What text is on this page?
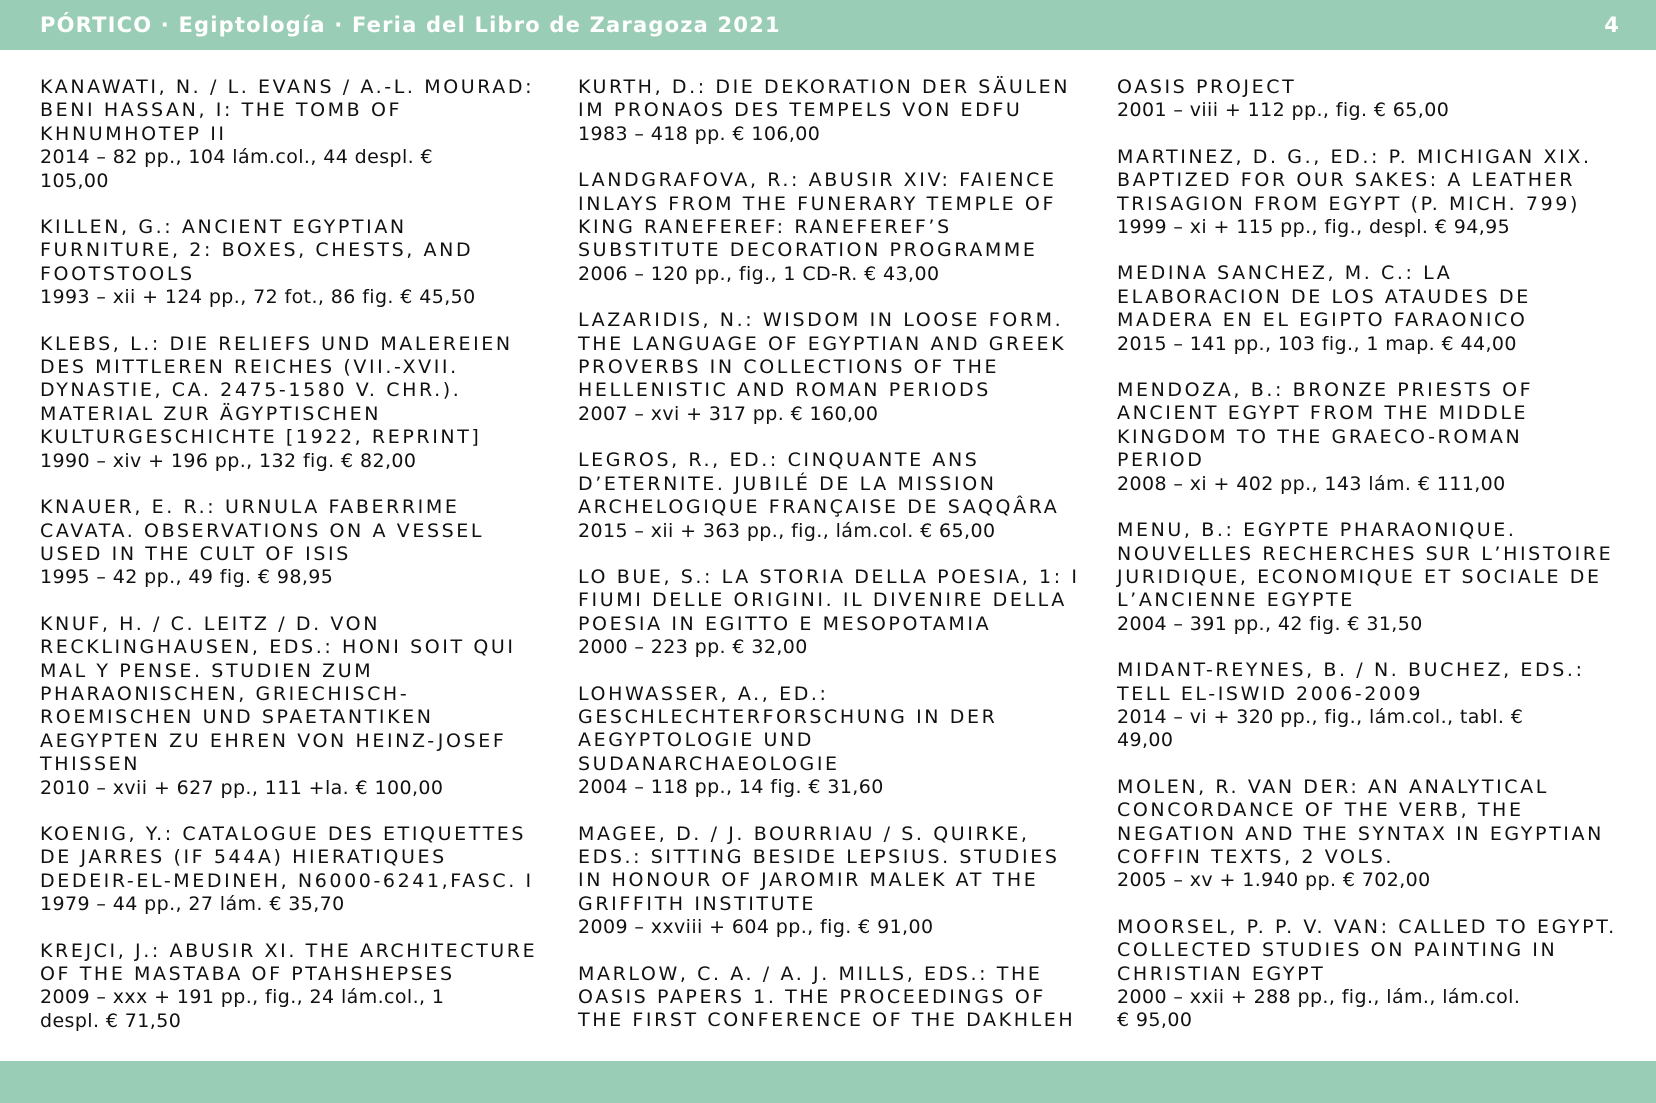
PÓRTICO · Egiptología · Feria del Libro de Zaragoza 2021	4
KANAWATI, N. / L. EVANS / A.-L. MOURAD:
BENI HASSAN, I: THE TOMB OF
KHNUMHOTEP II
2014 – 82 pp., 104 lám.col., 44 despl. €
105,00
KILLEN, G.: ANCIENT EGYPTIAN
FURNITURE, 2: BOXES, CHESTS, AND
FOOTSTOOLS
1993 – xii + 124 pp., 72 fot., 86 fig. € 45,50
KLEBS, L.: DIE RELIEFS UND MALEREIEN
DES MITTLEREN REICHES (VII.-XVII.
DYNASTIE, CA. 2475-1580 V. CHR.).
MATERIAL ZUR ÄGYPTISCHEN
KULTURGESCHICHTE [1922, REPRINT]
1990 – xiv + 196 pp., 132 fig. € 82,00
KNAUER, E. R.: URNULA FABERRIME
CAVATA. OBSERVATIONS ON A VESSEL
USED IN THE CULT OF ISIS
1995 – 42 pp., 49 fig. € 98,95
KNUF, H. / C. LEITZ / D. VON
RECKLINGHAUSEN, EDS.: HONI SOIT QUI
MAL Y PENSE. STUDIEN ZUM
PHARAONISCHEN, GRIECHISCH-
ROEMISCHEN UND SPAETANTIKEN
AEGYPTEN ZU EHREN VON HEINZ-JOSEF
THISSEN
2010 – xvii + 627 pp., 111 +la. € 100,00
KOENIG, Y.: CATALOGUE DES ETIQUETTES
DE JARRES (IF 544A) HIERATIQUES
DEDEIR-EL-MEDINEH, N6000-6241,FASC. I
1979 – 44 pp., 27 lám. € 35,70
KREJCI, J.: ABUSIR XI. THE ARCHITECTURE
OF THE MASTABA OF PTAHSHEPSES
2009 – xxx + 191 pp., fig., 24 lám.col., 1
despl. € 71,50
KURTH, D.: DIE DEKORATION DER SÄULEN
IM PRONAOS DES TEMPELS VON EDFU
1983 – 418 pp. € 106,00
LANDGRAFOVA, R.: ABUSIR XIV: FAIENCE
INLAYS FROM THE FUNERARY TEMPLE OF
KING RANEFEREF: RANEFEREF’S
SUBSTITUTE DECORATION PROGRAMME
2006 – 120 pp., fig., 1 CD-R. € 43,00
LAZARIDIS, N.: WISDOM IN LOOSE FORM.
THE LANGUAGE OF EGYPTIAN AND GREEK
PROVERBS IN COLLECTIONS OF THE
HELLENISTIC AND ROMAN PERIODS
2007 – xvi + 317 pp. € 160,00
LEGROS, R., ED.: CINQUANTE ANS
D’ETERNITE. JUBILÉ DE LA MISSION
ARCHELOGIQUE FRANÇAISE DE SAQQÂRA
2015 – xii + 363 pp., fig., lám.col. € 65,00
LO BUE, S.: LA STORIA DELLA POESIA, 1: I
FIUMI DELLE ORIGINI. IL DIVENIRE DELLA
POESIA IN EGITTO E MESOPOTAMIA
2000 – 223 pp. € 32,00
LOHWASSER, A., ED.:
GESCHLECHTERFORSCHUNG IN DER
AEGYPTOLOGIE UND
SUDANARCHAEOLOGIE
2004 – 118 pp., 14 fig. € 31,60
MAGEE, D. / J. BOURRIAU / S. QUIRKE,
EDS.: SITTING BESIDE LEPSIUS. STUDIES
IN HONOUR OF JAROMIR MALEK AT THE
GRIFFITH INSTITUTE
2009 – xxviii + 604 pp., fig. € 91,00
MARLOW, C. A. / A. J. MILLS, EDS.: THE
OASIS PAPERS 1. THE PROCEEDINGS OF
THE FIRST CONFERENCE OF THE DAKHLEH
OASIS PROJECT
2001 – viii + 112 pp., fig. € 65,00
MARTINEZ, D. G., ED.: P. MICHIGAN XIX.
BAPTIZED FOR OUR SAKES: A LEATHER
TRISAGION FROM EGYPT (P. MICH. 799)
1999 – xi + 115 pp., fig., despl. € 94,95
MEDINA SANCHEZ, M. C.: LA
ELABORACION DE LOS ATAUDES DE
MADERA EN EL EGIPTO FARAONICO
2015 – 141 pp., 103 fig., 1 map. € 44,00
MENDOZA, B.: BRONZE PRIESTS OF
ANCIENT EGYPT FROM THE MIDDLE
KINGDOM TO THE GRAECO-ROMAN
PERIOD
2008 – xi + 402 pp., 143 lám. € 111,00
MENU, B.: EGYPTE PHARAONIQUE.
NOUVELLES RECHERCHES SUR L’HISTOIRE
JURIDIQUE, ECONOMIQUE ET SOCIALE DE
L’ANCIENNE EGYPTE
2004 – 391 pp., 42 fig. € 31,50
MIDANT-REYNES, B. / N. BUCHEZ, EDS.:
TELL EL-ISWID 2006-2009
2014 – vi + 320 pp., fig., lám.col., tabl. €
49,00
MOLEN, R. VAN DER: AN ANALYTICAL
CONCORDANCE OF THE VERB, THE
NEGATION AND THE SYNTAX IN EGYPTIAN
COFFIN TEXTS, 2 VOLS.
2005 – xv + 1.940 pp. € 702,00
MOORSEL, P. P. V. VAN: CALLED TO EGYPT.
COLLECTED STUDIES ON PAINTING IN
CHRISTIAN EGYPT
2000 – xxii + 288 pp., fig., lám., lám.col.
€ 95,00
